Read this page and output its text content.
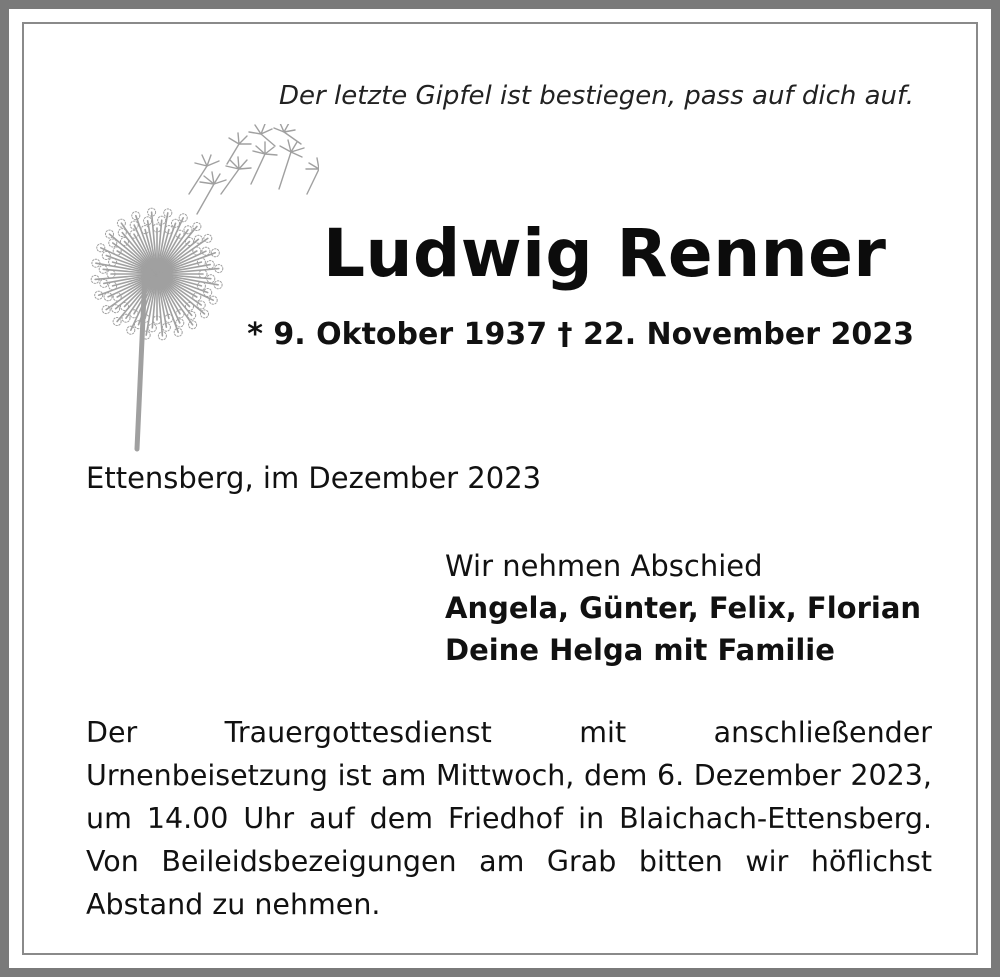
Der letzte Gipfel ist bestiegen, pass auf dich auf.
Ludwig Renner
* 9. Oktober 1937 † 22. November 2023
Ettensberg, im Dezember 2023
Wir nehmen Abschied
Angela, Günter, Felix, Florian
Deine Helga mit Familie
Der Trauergottesdienst mit anschließender Urnenbeisetzung ist am Mittwoch, dem 6. Dezember 2023, um 14.00 Uhr auf dem Friedhof in Blaichach-Ettensberg. Von Beileidsbezeigungen am Grab bitten wir höflichst Abstand zu nehmen.
